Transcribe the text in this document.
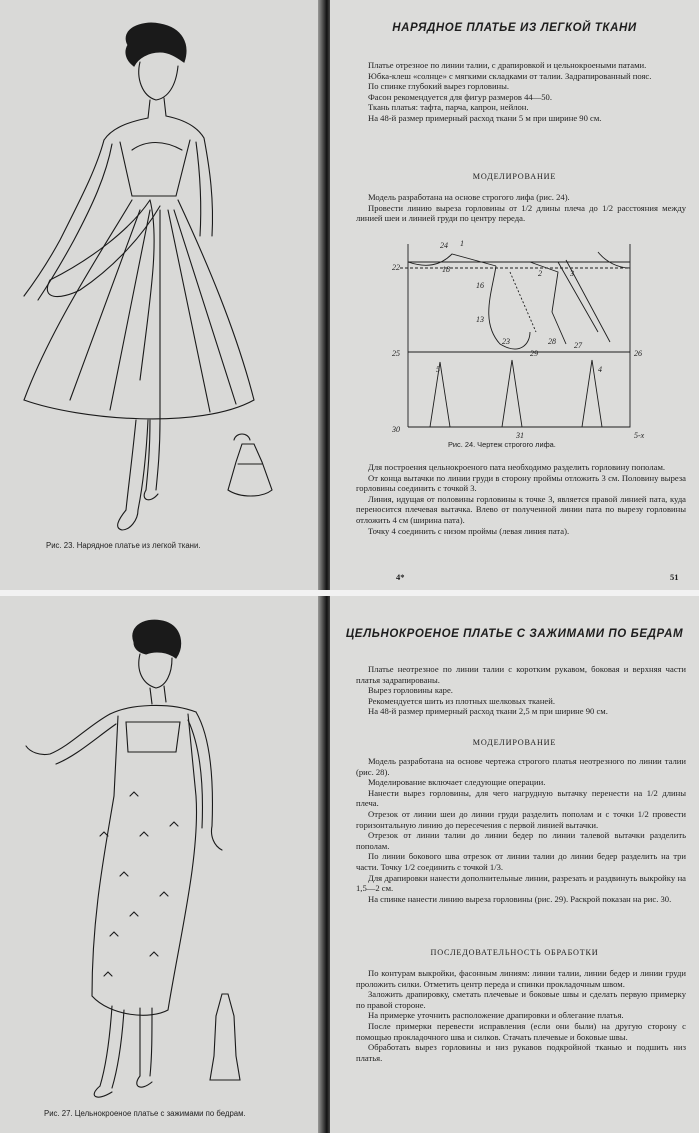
Рис. 23. Нарядное платье из легкой ткани.
НАРЯДНОЕ ПЛАТЬЕ ИЗ ЛЕГКОЙ ТКАНИ

Платье отрезное по линии талии, с драпировкой и цельнокроеными патами.

Юбка-клеш «солнце» с мягкими складками от талии. Задрапированный пояс.

По спинке глубокий вырез горловины.

Фасон рекомендуется для фигур размеров 44—50.

Ткань платья: тафта, парча, капрон, нейлон.

На 48-й размер примерный расход ткани 5 м при ширине 90 см.

МОДЕЛИРОВАНИЕ

Модель разработана на основе строгого лифа (рис. 24).

Провести линию выреза горловины от 1/2 длины плеча до 1/2 расстояния между линией шеи и линией груди по центру переда.

24
22	18
16
13
23
25	29
28 27
26
5	4
5-х
30
31
1
2	3
Рис. 24. Чертеж строгого лифа.

Для построения цельнокроеного пата необходимо разделить горловину пополам.

От конца вытачки по линии груди в сторону проймы отложить 3 см. Половину выреза горловины соединить с точкой 3.

Линия, идущая от половины горловины к точке 3, является правой линией пата, куда переносится плечевая вытачка. Влево от полученной линии пата по вырезу горловины отложить 4 см (ширина пата).

Точку 4 соединить с низом проймы (левая линия пата).

4*	51
Рис. 27. Цельнокроеное платье с зажимами по бедрам.
ЦЕЛЬНОКРОЕНОЕ ПЛАТЬЕ С ЗАЖИМАМИ ПО БЕДРАМ

Платье неотрезное по линии талии с коротким рукавом, боковая и верхняя части платья задрапированы.

Вырез горловины каре.

Рекомендуется шить из плотных шелковых тканей.

На 48-й размер примерный расход ткани 2,5 м при ширине 90 см.

МОДЕЛИРОВАНИЕ

Модель разработана на основе чертежа строгого платья неотрезного по линии талии (рис. 28).

Моделирование включает следующие операции.

Нанести вырез горловины, для чего нагрудную вытачку перенести на 1/2 длины плеча.

Отрезок от линии шеи до линии груди разделить пополам и с точки 1/2 провести горизонтальную линию до пересечения с первой линией вытачки.

Отрезок от линии талии до линии бедер по линии талевой вытачки разделить пополам.

По линии бокового шва отрезок от линии талии до линии бедер разделить на три части. Точку 1/2 соединить с точкой 1/3.

Для драпировки нанести дополнительные линии, разрезать и раздвинуть выкройку на 1,5—2 см.

На спинке нанести линию выреза горловины (рис. 29). Раскрой показан на рис. 30.

ПОСЛЕДОВАТЕЛЬНОСТЬ ОБРАБОТКИ

По контурам выкройки, фасонным линиям: линии талии, линии бедер и линии груди проложить силки. Отметить центр переда и спинки прокладочным швом.

Заложить драпировку, сметать плечевые и боковые швы и сделать первую примерку по правой стороне.

На примерке уточнить расположение драпировки и облегание платья.

После примерки перевести исправления (если они были) на другую сторону с помощью прокладочного шва и силков. Стачать плечевые и боковые швы.

Обработать вырез горловины и низ рукавов подкройной тканью и подшить низ платья.
